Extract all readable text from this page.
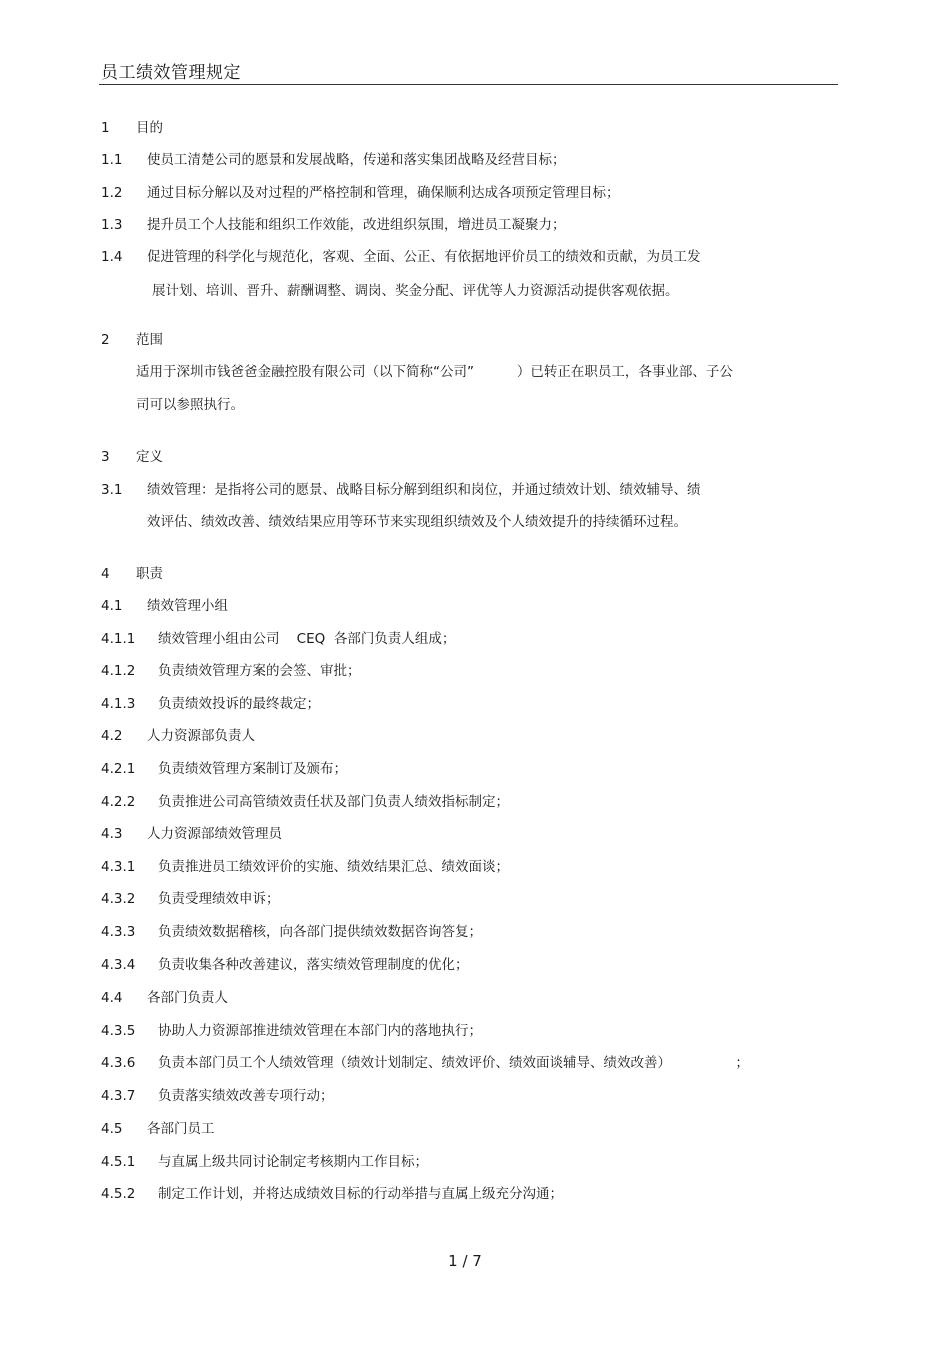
员工绩效管理规定
1 目的
1.1 使员工清楚公司的愿景和发展战略，传递和落实集团战略及经营目标；
1.2 通过目标分解以及对过程的严格控制和管理，确保顺利达成各项预定管理目标；
1.3 提升员工个人技能和组织工作效能，改进组织氛围，增进员工凝聚力；
1.4 促进管理的科学化与规范化，客观、全面、公正、有依据地评价员工的绩效和贡献，为员工发
展计划、培训、晋升、薪酬调整、调岗、奖金分配、评优等人力资源活动提供客观依据。
2 范围
适用于深圳市钱爸爸金融控股有限公司（以下简称“公司”          ）已转正在职员工，各事业部、子公
司可以参照执行。
3 定义
3.1 绩效管理：是指将公司的愿景、战略目标分解到组织和岗位，并通过绩效计划、绩效辅导、绩
效评估、绩效改善、绩效结果应用等环节来实现组织绩效及个人绩效提升的持续循环过程。
4 职责
4.1 绩效管理小组
4.1.1 绩效管理小组由公司    CEQ  各部门负责人组成；
4.1.2 负责绩效管理方案的会签、审批；
4.1.3 负责绩效投诉的最终裁定；
4.2 人力资源部负责人
4.2.1 负责绩效管理方案制订及颁布；
4.2.2 负责推进公司高管绩效责任状及部门负责人绩效指标制定；
4.3 人力资源部绩效管理员
4.3.1 负责推进员工绩效评价的实施、绩效结果汇总、绩效面谈；
4.3.2 负责受理绩效申诉；
4.3.3 负责绩效数据稽核，向各部门提供绩效数据咨询答复；
4.3.4 负责收集各种改善建议，落实绩效管理制度的优化；
4.4 各部门负责人
4.3.5 协助人力资源部推进绩效管理在本部门内的落地执行；
4.3.6 负责本部门员工个人绩效管理（绩效计划制定、绩效评价、绩效面谈辅导、绩效改善）               ；
4.3.7 负责落实绩效改善专项行动；
4.5 各部门员工
4.5.1 与直属上级共同讨论制定考核期内工作目标；
4.5.2 制定工作计划，并将达成绩效目标的行动举措与直属上级充分沟通；
1 / 7
